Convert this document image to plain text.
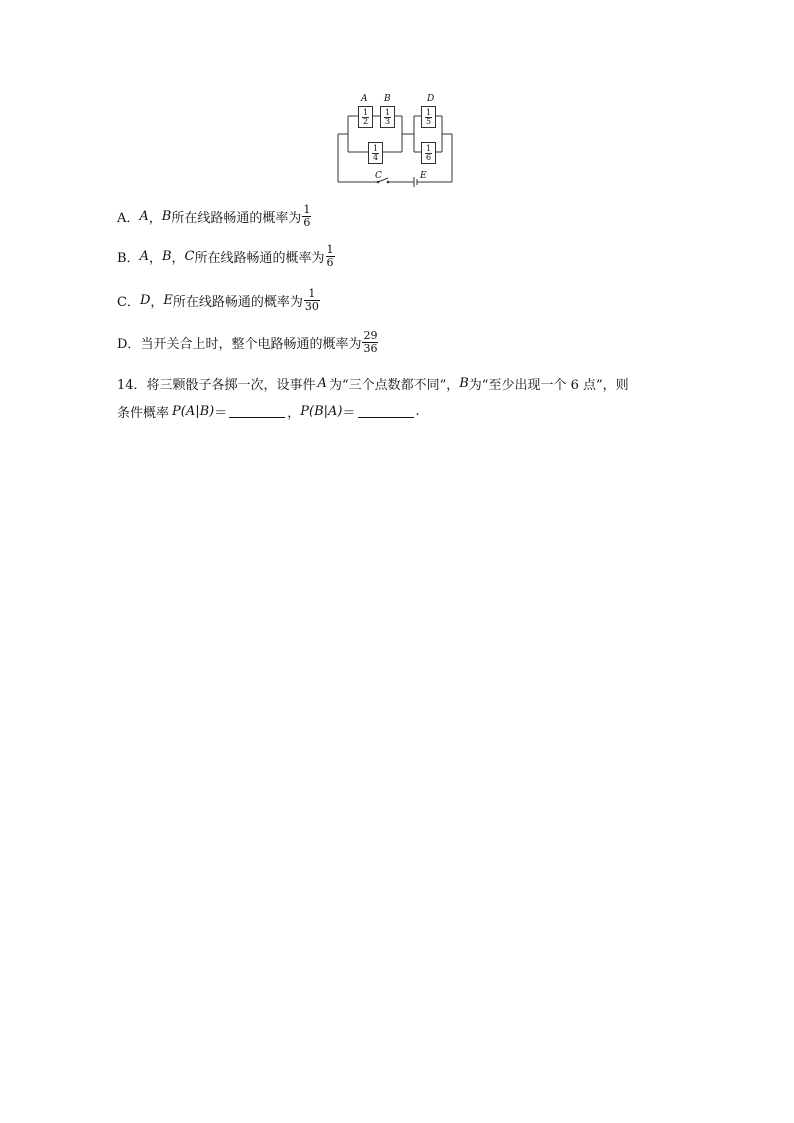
A B	D
C	E
$\frac{1}{2} \frac{1}{3}$
$\frac{1}{4}$
$\frac{1}{5}$
$\frac{1}{6}$
A． A ， B 所在线路畅通的概率为 $\frac{1}{6}$
B． A ， B ， C 所在线路畅通的概率为 $\frac{1}{6}$
C． D ， E 所在线路畅通的概率为 $\frac{1}{30}$
D． 当开关合上时，整个电路畅通的概率为 $\frac{29}{36}$
14．将三颗骰子各掷一次，设事件 A 为“三个点数都不同”， B 为“至少出现一个 6 点”，则
条件概率 P(A|B) ＝	， P(B|A) ＝	.
